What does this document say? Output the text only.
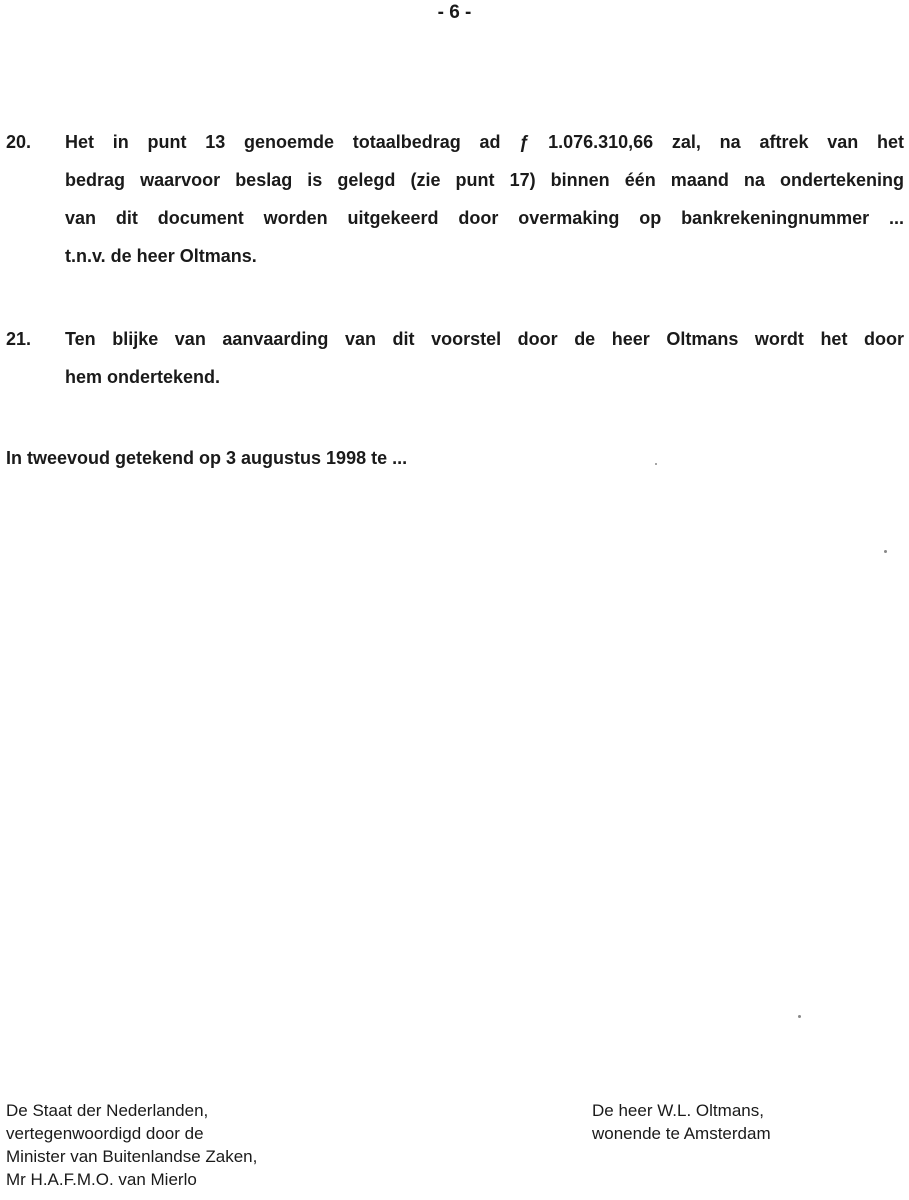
- 6 -
20. Het in punt 13 genoemde totaalbedrag ad ƒ 1.076.310,66 zal, na aftrek van het
bedrag waarvoor beslag is gelegd (zie punt 17) binnen één maand na ondertekening
van dit document worden uitgekeerd door overmaking op bankrekeningnummer ...
t.n.v. de heer Oltmans.
21. Ten blijke van aanvaarding van dit voorstel door de heer Oltmans wordt het door
hem ondertekend.
In tweevoud getekend op 3 augustus 1998 te ...
De Staat der Nederlanden,
vertegenwoordigd door de
Minister van Buitenlandse Zaken,
Mr H.A.F.M.O. van Mierlo
De heer W.L. Oltmans,
wonende te Amsterdam
